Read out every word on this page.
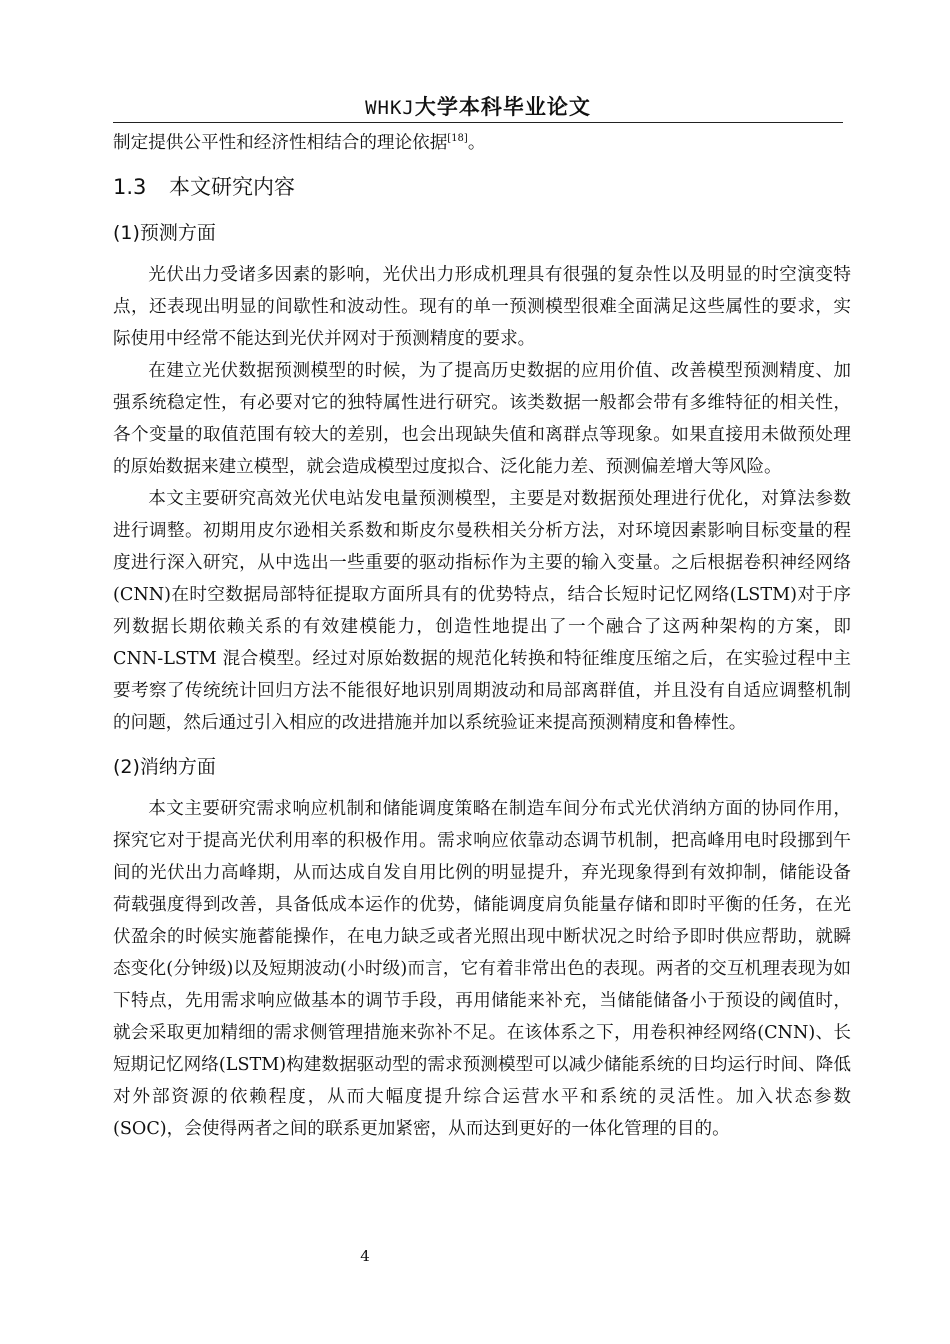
WHKJ大学本科毕业论文

制定提供公平性和经济性相结合的理论依据[18]。

1.3 本文研究内容
(1)预测方面

光伏出力受诸多因素的影响，光伏出力形成机理具有很强的复杂性以及明显的时空演变特点，还表现出明显的间歇性和波动性。现有的单一预测模型很难全面满足这些属性的要求，实际使用中经常不能达到光伏并网对于预测精度的要求。

在建立光伏数据预测模型的时候，为了提高历史数据的应用价值、改善模型预测精度、加强系统稳定性，有必要对它的独特属性进行研究。该类数据一般都会带有多维特征的相关性，各个变量的取值范围有较大的差别，也会出现缺失值和离群点等现象。如果直接用未做预处理的原始数据来建立模型，就会造成模型过度拟合、泛化能力差、预测偏差增大等风险。

本文主要研究高效光伏电站发电量预测模型，主要是对数据预处理进行优化，对算法参数进行调整。初期用皮尔逊相关系数和斯皮尔曼秩相关分析方法，对环境因素影响目标变量的程度进行深入研究，从中选出一些重要的驱动指标作为主要的输入变量。之后根据卷积神经网络(CNN)在时空数据局部特征提取方面所具有的优势特点，结合长短时记忆网络(LSTM)对于序列数据长期依赖关系的有效建模能力，创造性地提出了一个融合了这两种架构的方案，即 CNN-LSTM 混合模型。经过对原始数据的规范化转换和特征维度压缩之后，在实验过程中主要考察了传统统计回归方法不能很好地识别周期波动和局部离群值，并且没有自适应调整机制的问题，然后通过引入相应的改进措施并加以系统验证来提高预测精度和鲁棒性。

(2)消纳方面

本文主要研究需求响应机制和储能调度策略在制造车间分布式光伏消纳方面的协同作用，探究它对于提高光伏利用率的积极作用。需求响应依靠动态调节机制，把高峰用电时段挪到午间的光伏出力高峰期，从而达成自发自用比例的明显提升，弃光现象得到有效抑制，储能设备荷载强度得到改善，具备低成本运作的优势，储能调度肩负能量存储和即时平衡的任务，在光伏盈余的时候实施蓄能操作，在电力缺乏或者光照出现中断状况之时给予即时供应帮助，就瞬态变化(分钟级)以及短期波动(小时级)而言，它有着非常出色的表现。两者的交互机理表现为如下特点，先用需求响应做基本的调节手段，再用储能来补充，当储能储备小于预设的阈值时，就会采取更加精细的需求侧管理措施来弥补不足。在该体系之下，用卷积神经网络(CNN)、长短期记忆网络(LSTM)构建数据驱动型的需求预测模型可以减少储能系统的日均运行时间、降低对外部资源的依赖程度，从而大幅度提升综合运营水平和系统的灵活性。加入状态参数(SOC)，会使得两者之间的联系更加紧密，从而达到更好的一体化管理的目的。

4
